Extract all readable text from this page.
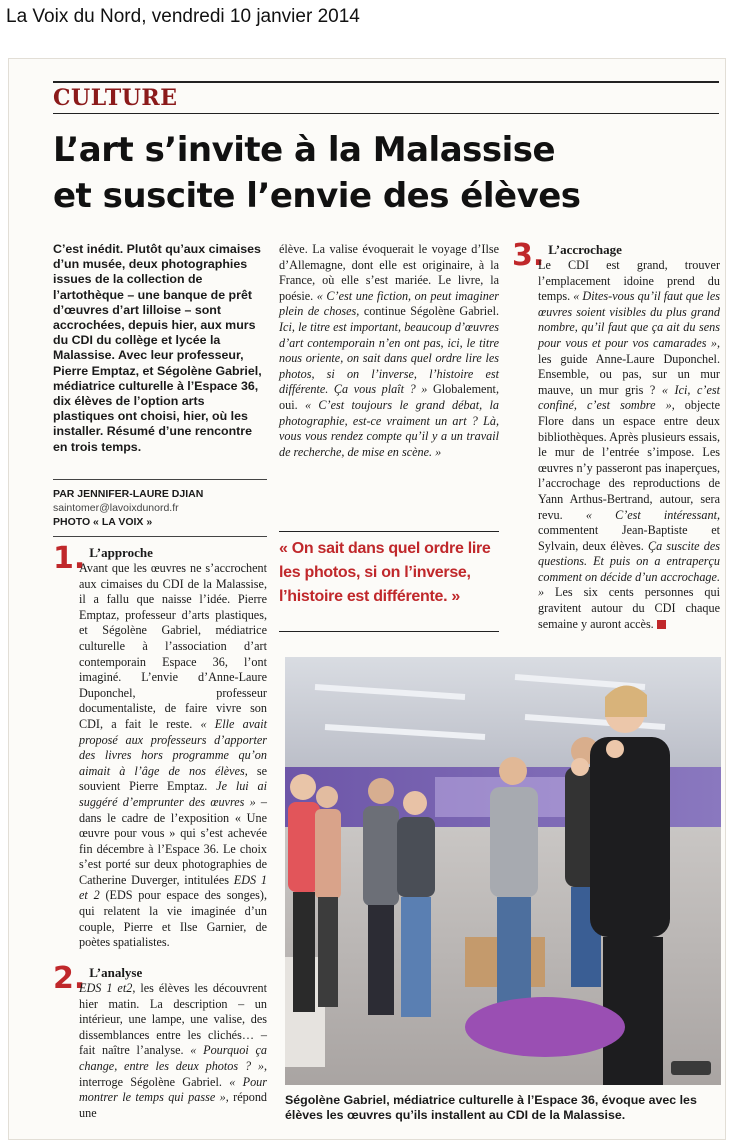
La Voix du Nord, vendredi 10 janvier 2014
CULTURE
L’art s’invite à la Malassise
et suscite l’envie des élèves
C’est inédit. Plutôt qu’aux cimaises d’un musée, deux photographies issues de la collection de l’artothèque – une banque de prêt d’œuvres d’art lilloise – sont accrochées, depuis hier, aux murs du CDI du collège et lycée la Malassise. Avec leur professeur, Pierre Emptaz, et Ségolène Gabriel, médiatrice culturelle à l’Espace 36, dix élèves de l’option arts plastiques ont choisi, hier, où les installer. Résumé d’une rencontre en trois temps.
PAR JENNIFER-LAURE DJIAN
saintomer@lavoixdunord.fr
PHOTO « LA VOIX »
1. L’approche

Avant que les œuvres ne s’accrochent aux cimaises du CDI de la Malassise, il a fallu que naisse l’idée. Pierre Emptaz, professeur d’arts plastiques, et Ségolène Gabriel, médiatrice culturelle à l’association d’art contemporain Espace 36, l’ont imaginé. L’envie d’Anne-Laure Duponchel, professeur documentaliste, de faire vivre son CDI, a fait le reste. « Elle avait proposé aux professeurs d’apporter des livres hors programme qu’on aimait à l’âge de nos élèves, se souvient Pierre Emptaz. Je lui ai suggéré d’emprunter des œuvres » – dans le cadre de l’exposition « Une œuvre pour vous » qui s’est achevée fin décembre à l’Espace 36. Le choix s’est porté sur deux photographies de Catherine Duverger, intitulées EDS 1 et 2 (EDS pour espace des songes), qui relatent la vie imaginée d’un couple, Pierre et Ilse Garnier, de poètes spatialistes.

2. L’analyse

EDS 1 et2, les élèves les découvrent hier matin. La description – un intérieur, une lampe, une valise, des dissemblances entre les clichés… – fait naître l’analyse. « Pourquoi ça change, entre les deux photos ? », interroge Ségolène Gabriel. « Pour montrer le temps qui passe », répond une

élève. La valise évoquerait le voyage d’Ilse d’Allemagne, dont elle est originaire, à la France, où elle s’est mariée. Le livre, la poésie. « C’est une fiction, on peut imaginer plein de choses, continue Ségolène Gabriel. Ici, le titre est important, beaucoup d’œuvres d’art contemporain n’en ont pas, ici, le titre nous oriente, on sait dans quel ordre lire les photos, si on l’inverse, l’histoire est différente. Ça vous plaît ? » Globalement, oui. « C’est toujours le grand débat, la photographie, est-ce vraiment un art ? Là, vous vous rendez compte qu’il y a un travail de recherche, de mise en scène. »

« On sait dans quel ordre lire les photos, si on l’inverse, l’histoire est différente. »
3. L’accrochage

Le CDI est grand, trouver l’emplacement idoine prend du temps. « Dites-vous qu’il faut que les œuvres soient visibles du plus grand nombre, qu’il faut que ça ait du sens pour vous et pour vos camarades », les guide Anne-Laure Duponchel. Ensemble, ou pas, sur un mur mauve, un mur gris ? « Ici, c’est confiné, c’est sombre », objecte Flore dans un espace entre deux bibliothèques. Après plusieurs essais, le mur de l’entrée s’impose. Les œuvres n’y passeront pas inaperçues, l’accrochage des reproductions de Yann Arthus-Bertrand, autour, sera revu. « C’est intéressant, commentent Jean-Baptiste et Sylvain, deux élèves. Ça suscite des questions. Et puis on a entraperçu comment on décide d’un accrochage. » Les six cents personnes qui gravitent autour du CDI chaque semaine y auront accès.

Ségolène Gabriel, médiatrice culturelle à l’Espace 36, évoque avec les élèves les œuvres qu’ils installent au CDI de la Malassise.
